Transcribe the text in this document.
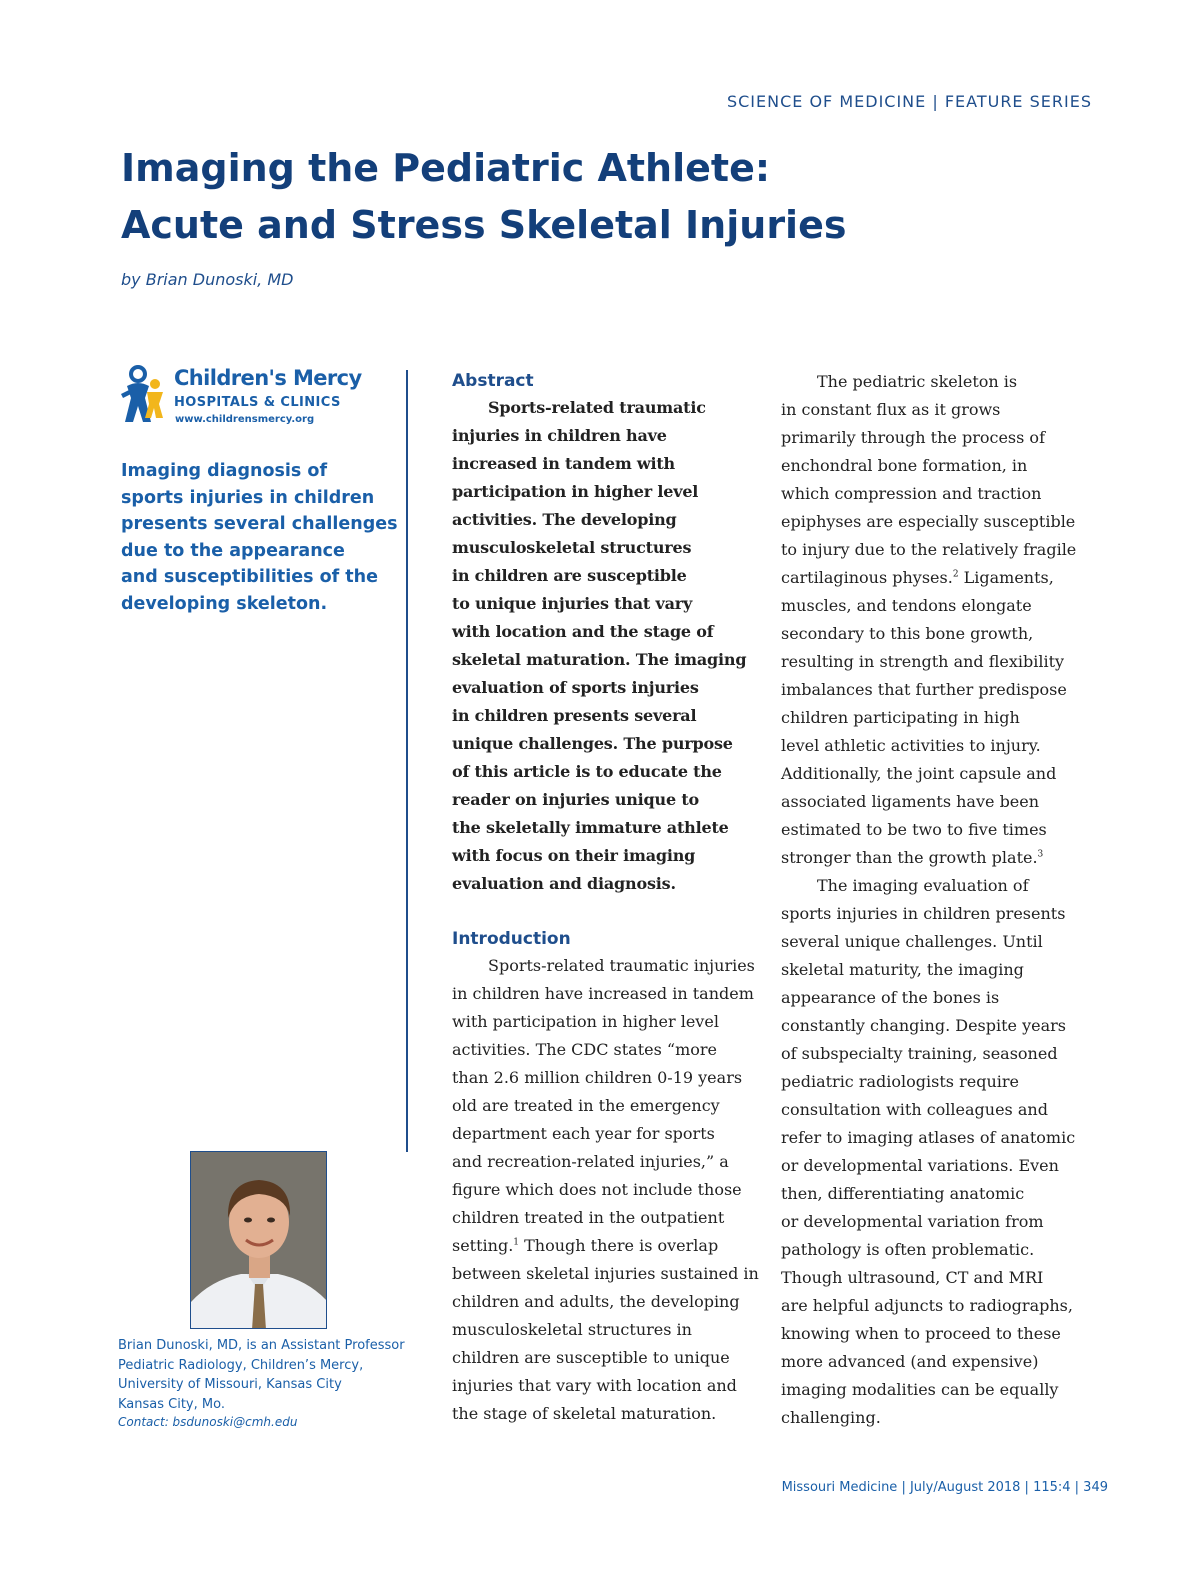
SCIENCE OF MEDICINE | FEATURE SERIES
Imaging the Pediatric Athlete:
Acute and Stress Skeletal Injuries
by Brian Dunoski, MD
Children's Mercy
HOSPITALS & CLINICS
www.childrensmercy.org
Imaging diagnosis of
sports injuries in children
presents several challenges
due to the appearance
and susceptibilities of the
developing skeleton.
Brian Dunoski, MD, is an Assistant Professor
Pediatric Radiology, Children’s Mercy,
University of Missouri, Kansas City
Kansas City, Mo.
Contact: bsdunoski@cmh.edu
Abstract
Sports-related traumatic
injuries in children have
increased in tandem with
participation in higher level
activities. The developing
musculoskeletal structures
in children are susceptible
to unique injuries that vary
with location and the stage of
skeletal maturation. The imaging
evaluation of sports injuries
in children presents several
unique challenges. The purpose
of this article is to educate the
reader on injuries unique to
the skeletally immature athlete
with focus on their imaging
evaluation and diagnosis.
Introduction
Sports-related traumatic injuries
in children have increased in tandem
with participation in higher level
activities. The CDC states “more
than 2.6 million children 0-19 years
old are treated in the emergency
department each year for sports
and recreation-related injuries,” a
figure which does not include those
children treated in the outpatient
setting.$^1$ Though there is overlap
between skeletal injuries sustained in
children and adults, the developing
musculoskeletal structures in
children are susceptible to unique
injuries that vary with location and
the stage of skeletal maturation.
The pediatric skeleton is
in constant flux as it grows
primarily through the process of
enchondral bone formation, in
which compression and traction
epiphyses are especially susceptible
to injury due to the relatively fragile
cartilaginous physes.$^2$ Ligaments,
muscles, and tendons elongate
secondary to this bone growth,
resulting in strength and flexibility
imbalances that further predispose
children participating in high
level athletic activities to injury.
Additionally, the joint capsule and
associated ligaments have been
estimated to be two to five times
stronger than the growth plate.$^3$
The imaging evaluation of
sports injuries in children presents
several unique challenges. Until
skeletal maturity, the imaging
appearance of the bones is
constantly changing. Despite years
of subspecialty training, seasoned
pediatric radiologists require
consultation with colleagues and
refer to imaging atlases of anatomic
or developmental variations. Even
then, differentiating anatomic
or developmental variation from
pathology is often problematic.
Though ultrasound, CT and MRI
are helpful adjuncts to radiographs,
knowing when to proceed to these
more advanced (and expensive)
imaging modalities can be equally
challenging.
Missouri Medicine | July/August 2018 | 115:4 | 349
